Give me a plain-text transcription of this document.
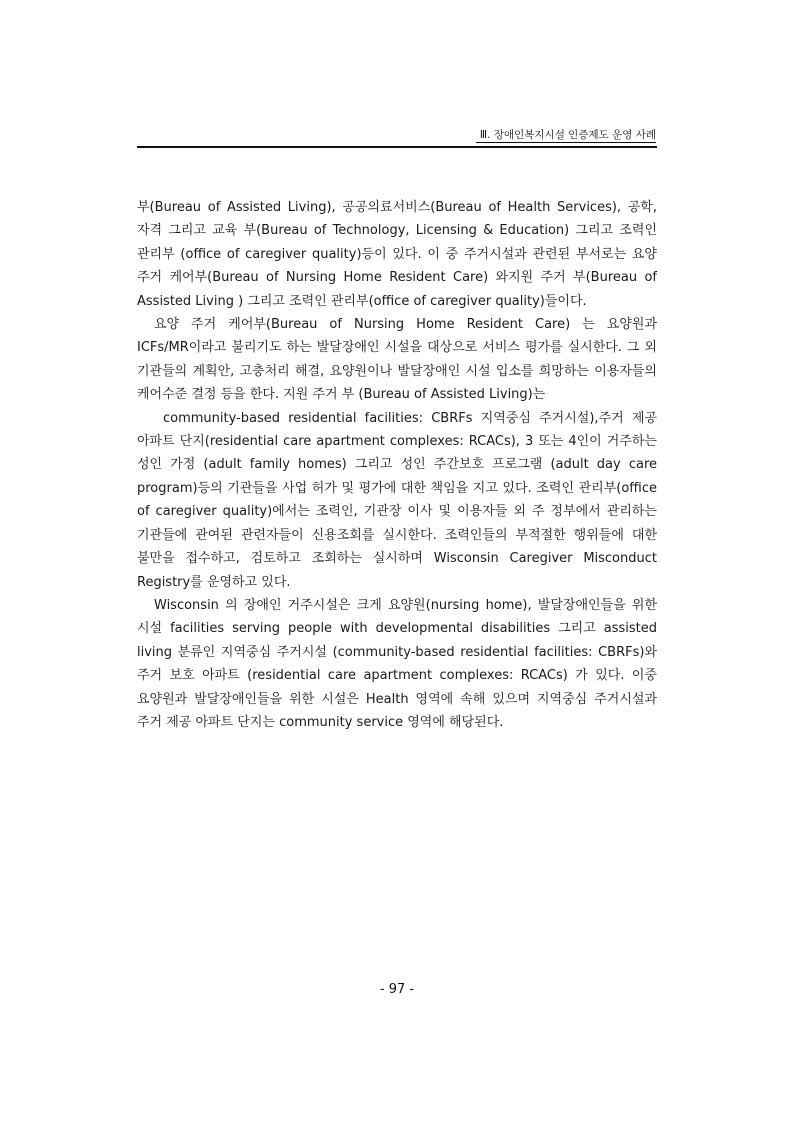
Ⅲ. 장애인복지시설 인증제도 운영 사례

부(Bureau of Assisted Living), 공공의료서비스(Bureau of Health Services), 공학, 자격 그리고 교육 부(Bureau of Technology, Licensing & Education) 그리고 조력인 관리부 (office of caregiver quality)등이 있다. 이 중 주거시설과 관련된 부서로는 요양 주거 케어부(Bureau of Nursing Home Resident Care) 와지원 주거 부(Bureau of Assisted Living ) 그리고 조력인 관리부(office of caregiver quality)들이다.

요양 주거 케어부(Bureau of Nursing Home Resident Care) 는 요양원과 ICFs/MR이라고 불리기도 하는 발달장애인 시설을 대상으로 서비스 평가를 실시한다. 그 외 기관들의 계획안, 고충처리 해결, 요양원이나 발달장애인 시설 입소를 희망하는 이용자들의 케어수준 결정 등을 한다. 지원 주거 부 (Bureau of Assisted Living)는

community-based residential facilities: CBRFs 지역중심 주거시설),주거 제공 아파트 단지(residential care apartment complexes: RCACs), 3 또는 4인이 거주하는 성인 가정 (adult family homes) 그리고 성인 주간보호 프로그램 (adult day care program)등의 기관들을 사업 허가 및 평가에 대한 책임을 지고 있다. 조력인 관리부(office of caregiver quality)에서는 조력인, 기관장 이사 및 이용자들 외 주 정부에서 관리하는 기관들에 관여된 관련자들이 신용조회를 실시한다. 조력인들의 부적절한 행위들에 대한 불만을 접수하고, 검토하고 조회하는 실시하며 Wisconsin Caregiver Misconduct Registry를 운영하고 있다.

Wisconsin 의 장애인 거주시설은 크게 요양원(nursing home), 발달장애인들을 위한 시설 facilities serving people with developmental disabilities 그리고 assisted living 분류인 지역중심 주거시설 (community-based residential facilities: CBRFs)와 주거 보호 아파트 (residential care apartment complexes: RCACs) 가 있다. 이중 요양원과 발달장애인들을 위한 시설은 Health 영역에 속해 있으며 지역중심 주거시설과 주거 제공 아파트 단지는 community service 영역에 해당된다.

- 97 -
